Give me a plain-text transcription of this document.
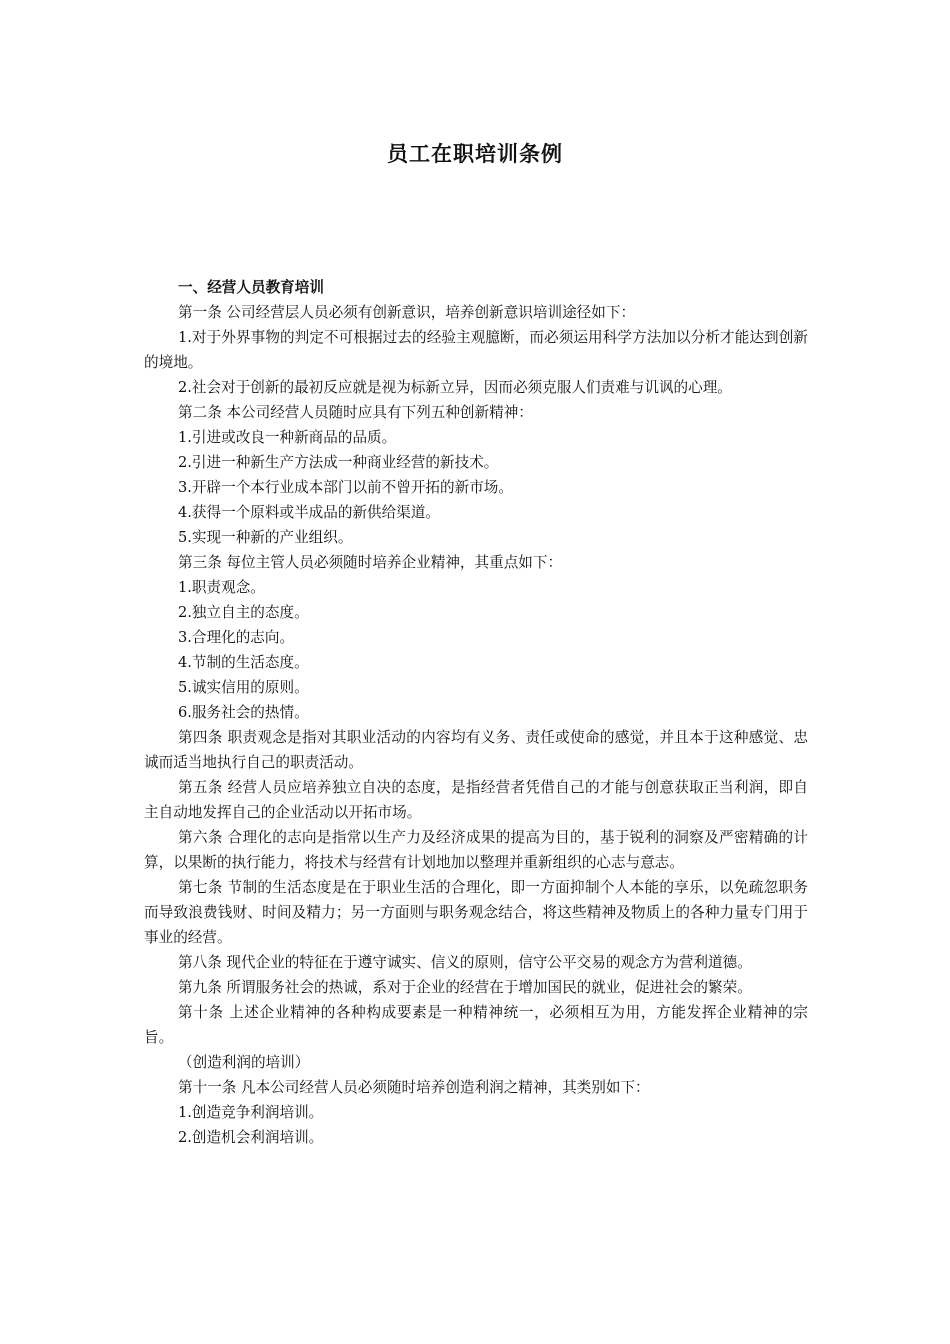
员工在职培训条例

一、经营人员教育培训

第一条 公司经营层人员必须有创新意识，培养创新意识培训途径如下：

1.对于外界事物的判定不可根据过去的经验主观臆断，而必须运用科学方法加以分析才能达到创新的境地。

2.社会对于创新的最初反应就是视为标新立异，因而必须克服人们责难与讥讽的心理。

第二条 本公司经营人员随时应具有下列五种创新精神：

1.引进或改良一种新商品的品质。

2.引进一种新生产方法成一种商业经营的新技术。

3.开辟一个本行业成本部门以前不曾开拓的新市场。

4.获得一个原料或半成品的新供给渠道。

5.实现一种新的产业组织。

第三条 每位主管人员必须随时培养企业精神，其重点如下：

1.职责观念。

2.独立自主的态度。

3.合理化的志向。

4.节制的生活态度。

5.诚实信用的原则。

6.服务社会的热情。

第四条 职责观念是指对其职业活动的内容均有义务、责任或使命的感觉，并且本于这种感觉、忠诚而适当地执行自己的职责活动。

第五条 经营人员应培养独立自决的态度，是指经营者凭借自己的才能与创意获取正当利润，即自主自动地发挥自己的企业活动以开拓市场。

第六条 合理化的志向是指常以生产力及经济成果的提高为目的，基于锐利的洞察及严密精确的计算，以果断的执行能力，将技术与经营有计划地加以整理并重新组织的心志与意志。

第七条 节制的生活态度是在于职业生活的合理化，即一方面抑制个人本能的享乐，以免疏忽职务而导致浪费钱财、时间及精力；另一方面则与职务观念结合，将这些精神及物质上的各种力量专门用于事业的经营。

第八条 现代企业的特征在于遵守诚实、信义的原则，信守公平交易的观念方为营利道德。

第九条 所谓服务社会的热诚，系对于企业的经营在于增加国民的就业，促进社会的繁荣。

第十条 上述企业精神的各种构成要素是一种精神统一，必须相互为用，方能发挥企业精神的宗旨。

（创造利润的培训）

第十一条 凡本公司经营人员必须随时培养创造利润之精神，其类别如下：

1.创造竞争利润培训。

2.创造机会利润培训。
